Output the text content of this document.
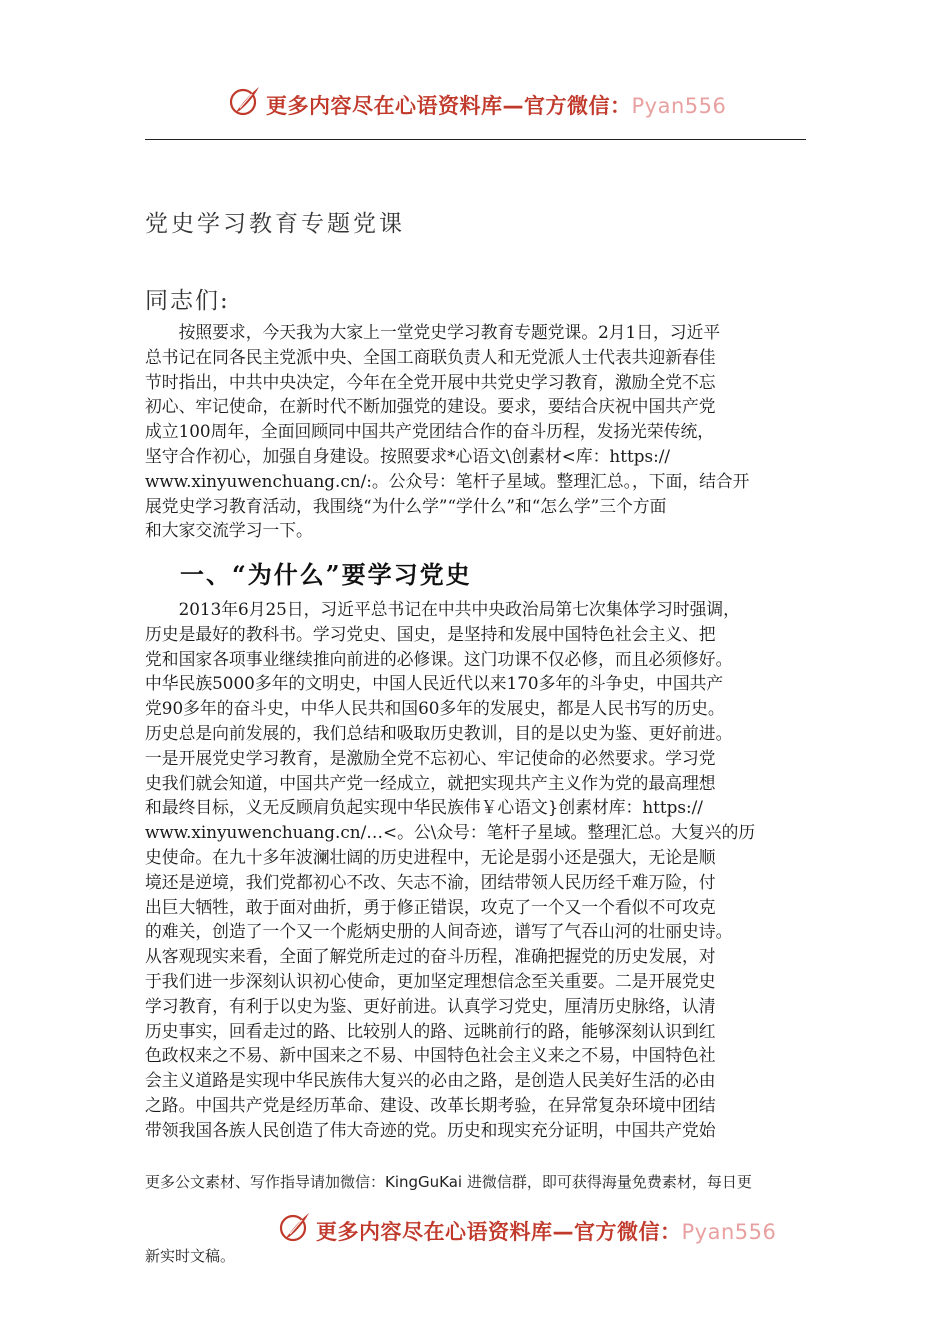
更多内容尽在心语资料库—官方微信：Pyan556
党史学习教育专题党课
同志们:
　　按照要求，今天我为大家上一堂党史学习教育专题党课。2月1日，习近平
总书记在同各民主党派中央、全国工商联负责人和无党派人士代表共迎新春佳
节时指出，中共中央决定，今年在全党开展中共党史学习教育，激励全党不忘
初心、牢记使命，在新时代不断加强党的建设。要求，要结合庆祝中国共产党
成立100周年，全面回顾同中国共产党团结合作的奋斗历程，发扬光荣传统，
坚守合作初心，加强自身建设。按照要求*心语文\创素材<库：https://
www.xinyuwenchuang.cn/:。公众号：笔杆子星域。整理汇总。，下面，结合开
展党史学习教育活动，我围绕“为什么学”“学什么”和“怎么学”三个方面
和大家交流学习一下。
一、“为什么”要学习党史
　　2013年6月25日，习近平总书记在中共中央政治局第七次集体学习时强调，
历史是最好的教科书。学习党史、国史，是坚持和发展中国特色社会主义、把
党和国家各项事业继续推向前进的必修课。这门功课不仅必修，而且必须修好。
中华民族5000多年的文明史，中国人民近代以来170多年的斗争史，中国共产
党90多年的奋斗史，中华人民共和国60多年的发展史，都是人民书写的历史。
历史总是向前发展的，我们总结和吸取历史教训，目的是以史为鉴、更好前进。
一是开展党史学习教育，是激励全党不忘初心、牢记使命的必然要求。学习党
史我们就会知道，中国共产党一经成立，就把实现共产主义作为党的最高理想
和最终目标，义无反顾肩负起实现中华民族伟￥心语文}创素材库：https://
www.xinyuwenchuang.cn/…<。公\众号：笔杆子星域。整理汇总。大复兴的历
史使命。在九十多年波澜壮阔的历史进程中，无论是弱小还是强大，无论是顺
境还是逆境，我们党都初心不改、矢志不渝，团结带领人民历经千难万险，付
出巨大牺牲，敢于面对曲折，勇于修正错误，攻克了一个又一个看似不可攻克
的难关，创造了一个又一个彪炳史册的人间奇迹，谱写了气吞山河的壮丽史诗。
从客观现实来看，全面了解党所走过的奋斗历程，准确把握党的历史发展，对
于我们进一步深刻认识初心使命，更加坚定理想信念至关重要。二是开展党史
学习教育，有利于以史为鉴、更好前进。认真学习党史，厘清历史脉络，认清
历史事实，回看走过的路、比较别人的路、远眺前行的路，能够深刻认识到红
色政权来之不易、新中国来之不易、中国特色社会主义来之不易，中国特色社
会主义道路是实现中华民族伟大复兴的必由之路，是创造人民美好生活的必由
之路。中国共产党是经历革命、建设、改革长期考验，在异常复杂环境中团结
带领我国各族人民创造了伟大奇迹的党。历史和现实充分证明，中国共产党始
更多公文素材、写作指导请加微信：KingGuKai 进微信群，即可获得海量免费素材，每日更
更多内容尽在心语资料库—官方微信：Pyan556
新实时文稿。
